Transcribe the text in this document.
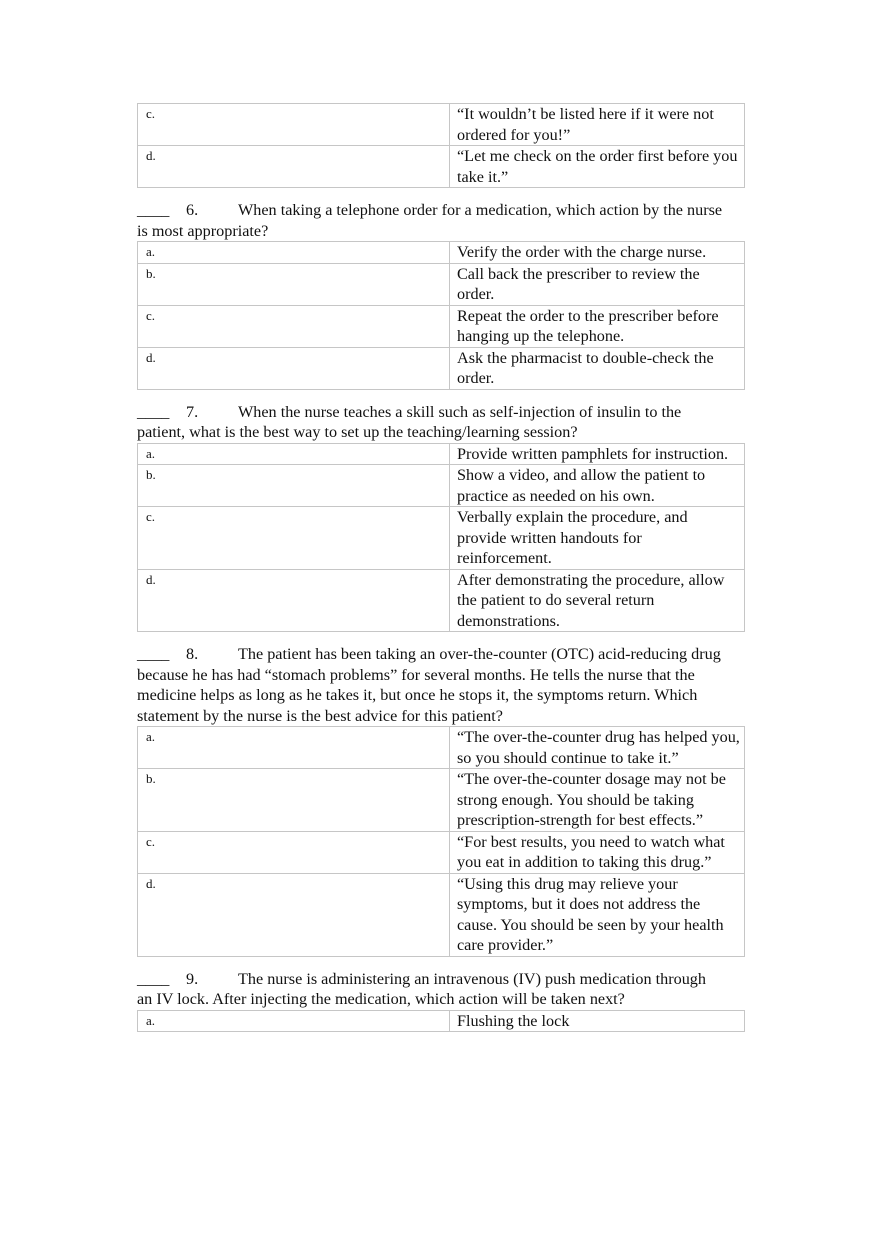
c.	“It wouldn’t be listed here if it were not ordered for you!”
d.	“Let me check on the order first before you take it.”
____ 6. When taking a telephone order for a medication, which action by the nurse
is most appropriate?
a.	Verify the order with the charge nurse.
b.	Call back the prescriber to review the order.
c.	Repeat the order to the prescriber before hanging up the telephone.
d.	Ask the pharmacist to double-check the order.
____ 7. When the nurse teaches a skill such as self-injection of insulin to the
patient, what is the best way to set up the teaching/learning session?
a.	Provide written pamphlets for instruction.
b.	Show a video, and allow the patient to practice as needed on his own.
c.	Verbally explain the procedure, and provide written handouts for reinforcement.
d.	After demonstrating the procedure, allow the patient to do several return demonstrations.
____ 8. The patient has been taking an over-the-counter (OTC) acid-reducing drug
because he has had “stomach problems” for several months. He tells the nurse that the medicine helps as long as he takes it, but once he stops it, the symptoms return. Which statement by the nurse is the best advice for this patient?
a.	“The over-the-counter drug has helped you, so you should continue to take it.”
b.	“The over-the-counter dosage may not be strong enough. You should be taking prescription-strength for best effects.”
c.	“For best results, you need to watch what you eat in addition to taking this drug.”
d.	“Using this drug may relieve your symptoms, but it does not address the cause. You should be seen by your health care provider.”
____ 9. The nurse is administering an intravenous (IV) push medication through
an IV lock. After injecting the medication, which action will be taken next?
a.	Flushing the lock
